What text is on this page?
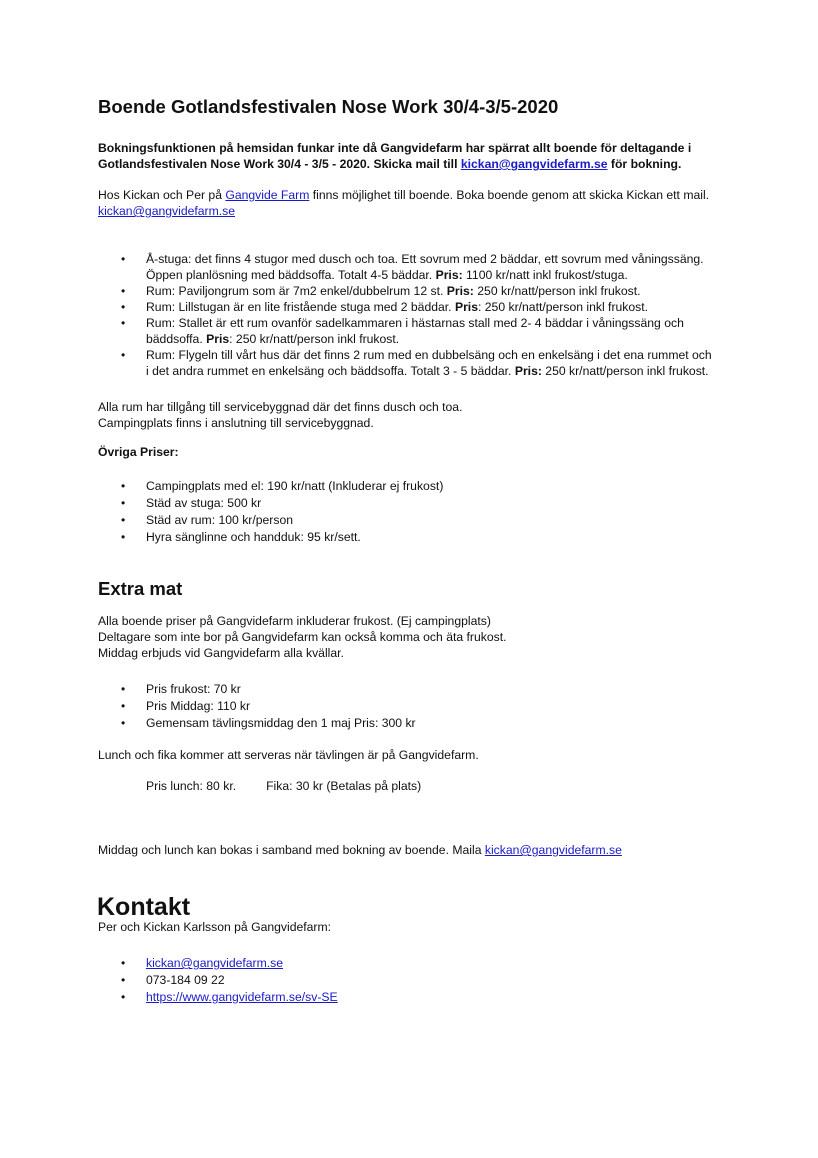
Boende Gotlandsfestivalen Nose Work 30/4-3/5-2020
Bokningsfunktionen på hemsidan funkar inte då Gangvidefarm har spärrat allt boende för deltagande i
Gotlandsfestivalen Nose Work 30/4 - 3/5 - 2020. Skicka mail till kickan@gangvidefarm.se för bokning.
Hos Kickan och Per på Gangvide Farm finns möjlighet till boende. Boka boende genom att skicka Kickan ett mail.
kickan@gangvidefarm.se
• Å-stuga: det finns 4 stugor med dusch och toa. Ett sovrum med 2 bäddar, ett sovrum med våningssäng.
Öppen planlösning med bäddsoffa. Totalt 4-5 bäddar. Pris: 1100 kr/natt inkl frukost/stuga.
• Rum: Paviljongrum som är 7m2 enkel/dubbelrum 12 st. Pris: 250 kr/natt/person inkl frukost.
• Rum: Lillstugan är en lite fristående stuga med 2 bäddar. Pris: 250 kr/natt/person inkl frukost.
• Rum: Stallet är ett rum ovanför sadelkammaren i hästarnas stall med 2- 4 bäddar i våningssäng och
bäddsoffa. Pris: 250 kr/natt/person inkl frukost.
• Rum: Flygeln till vårt hus där det finns 2 rum med en dubbelsäng och en enkelsäng i det ena rummet och
i det andra rummet en enkelsäng och bäddsoffa. Totalt 3 - 5 bäddar. Pris: 250 kr/natt/person inkl frukost.
Alla rum har tillgång till servicebyggnad där det finns dusch och toa.
Campingplats finns i anslutning till servicebyggnad.
Övriga Priser:
• Campingplats med el: 190 kr/natt (Inkluderar ej frukost)
• Städ av stuga: 500 kr
• Städ av rum: 100 kr/person
• Hyra sänglinne och handduk: 95 kr/sett.
Extra mat
Alla boende priser på Gangvidefarm inkluderar frukost. (Ej campingplats)
Deltagare som inte bor på Gangvidefarm kan också komma och äta frukost.
Middag erbjuds vid Gangvidefarm alla kvällar.
• Pris frukost: 70 kr
• Pris Middag: 110 kr
• Gemensam tävlingsmiddag den 1 maj Pris: 300 kr
Lunch och fika kommer att serveras när tävlingen är på Gangvidefarm.
Pris lunch: 80 kr. Fika: 30 kr (Betalas på plats)
Middag och lunch kan bokas i samband med bokning av boende. Maila kickan@gangvidefarm.se
Kontakt
Per och Kickan Karlsson på Gangvidefarm:
• kickan@gangvidefarm.se
• 073-184 09 22
• https://www.gangvidefarm.se/sv-SE
